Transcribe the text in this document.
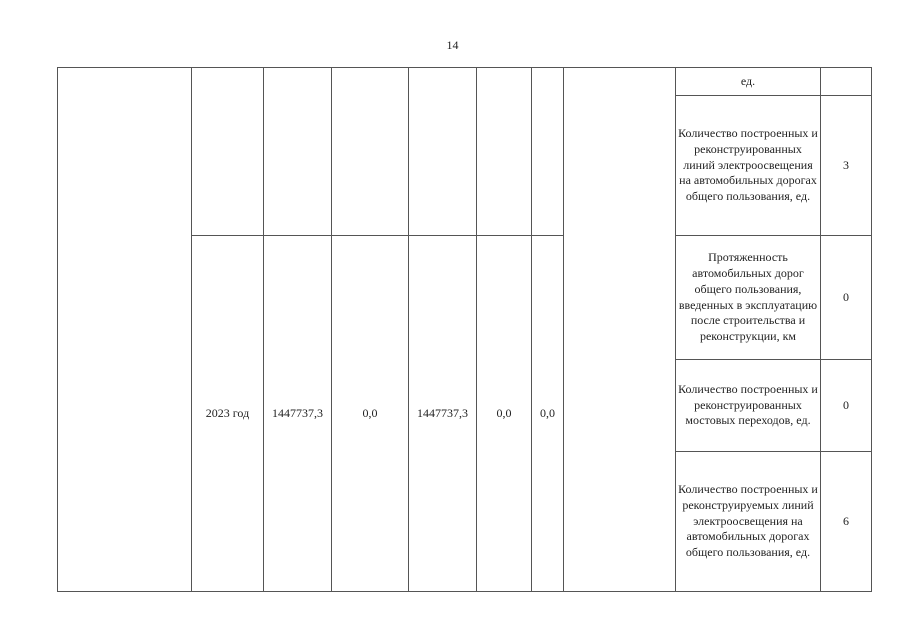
14
								ед.	
								Количество построенных и реконструированных линий электроосвещения на автомобильных дорогах общего пользования, ед.	3
	2023 год	1447737,3	0,0	1447737,3	0,0	0,0		Протяженность автомобильных дорог общего пользования, введенных в эксплуатацию после строительства и реконструкции, км	0
								Количество построенных и реконструированных мостовых переходов, ед.	0
								Количество построенных и реконструируемых линий электроосвещения на автомобильных дорогах общего пользования, ед.	6
